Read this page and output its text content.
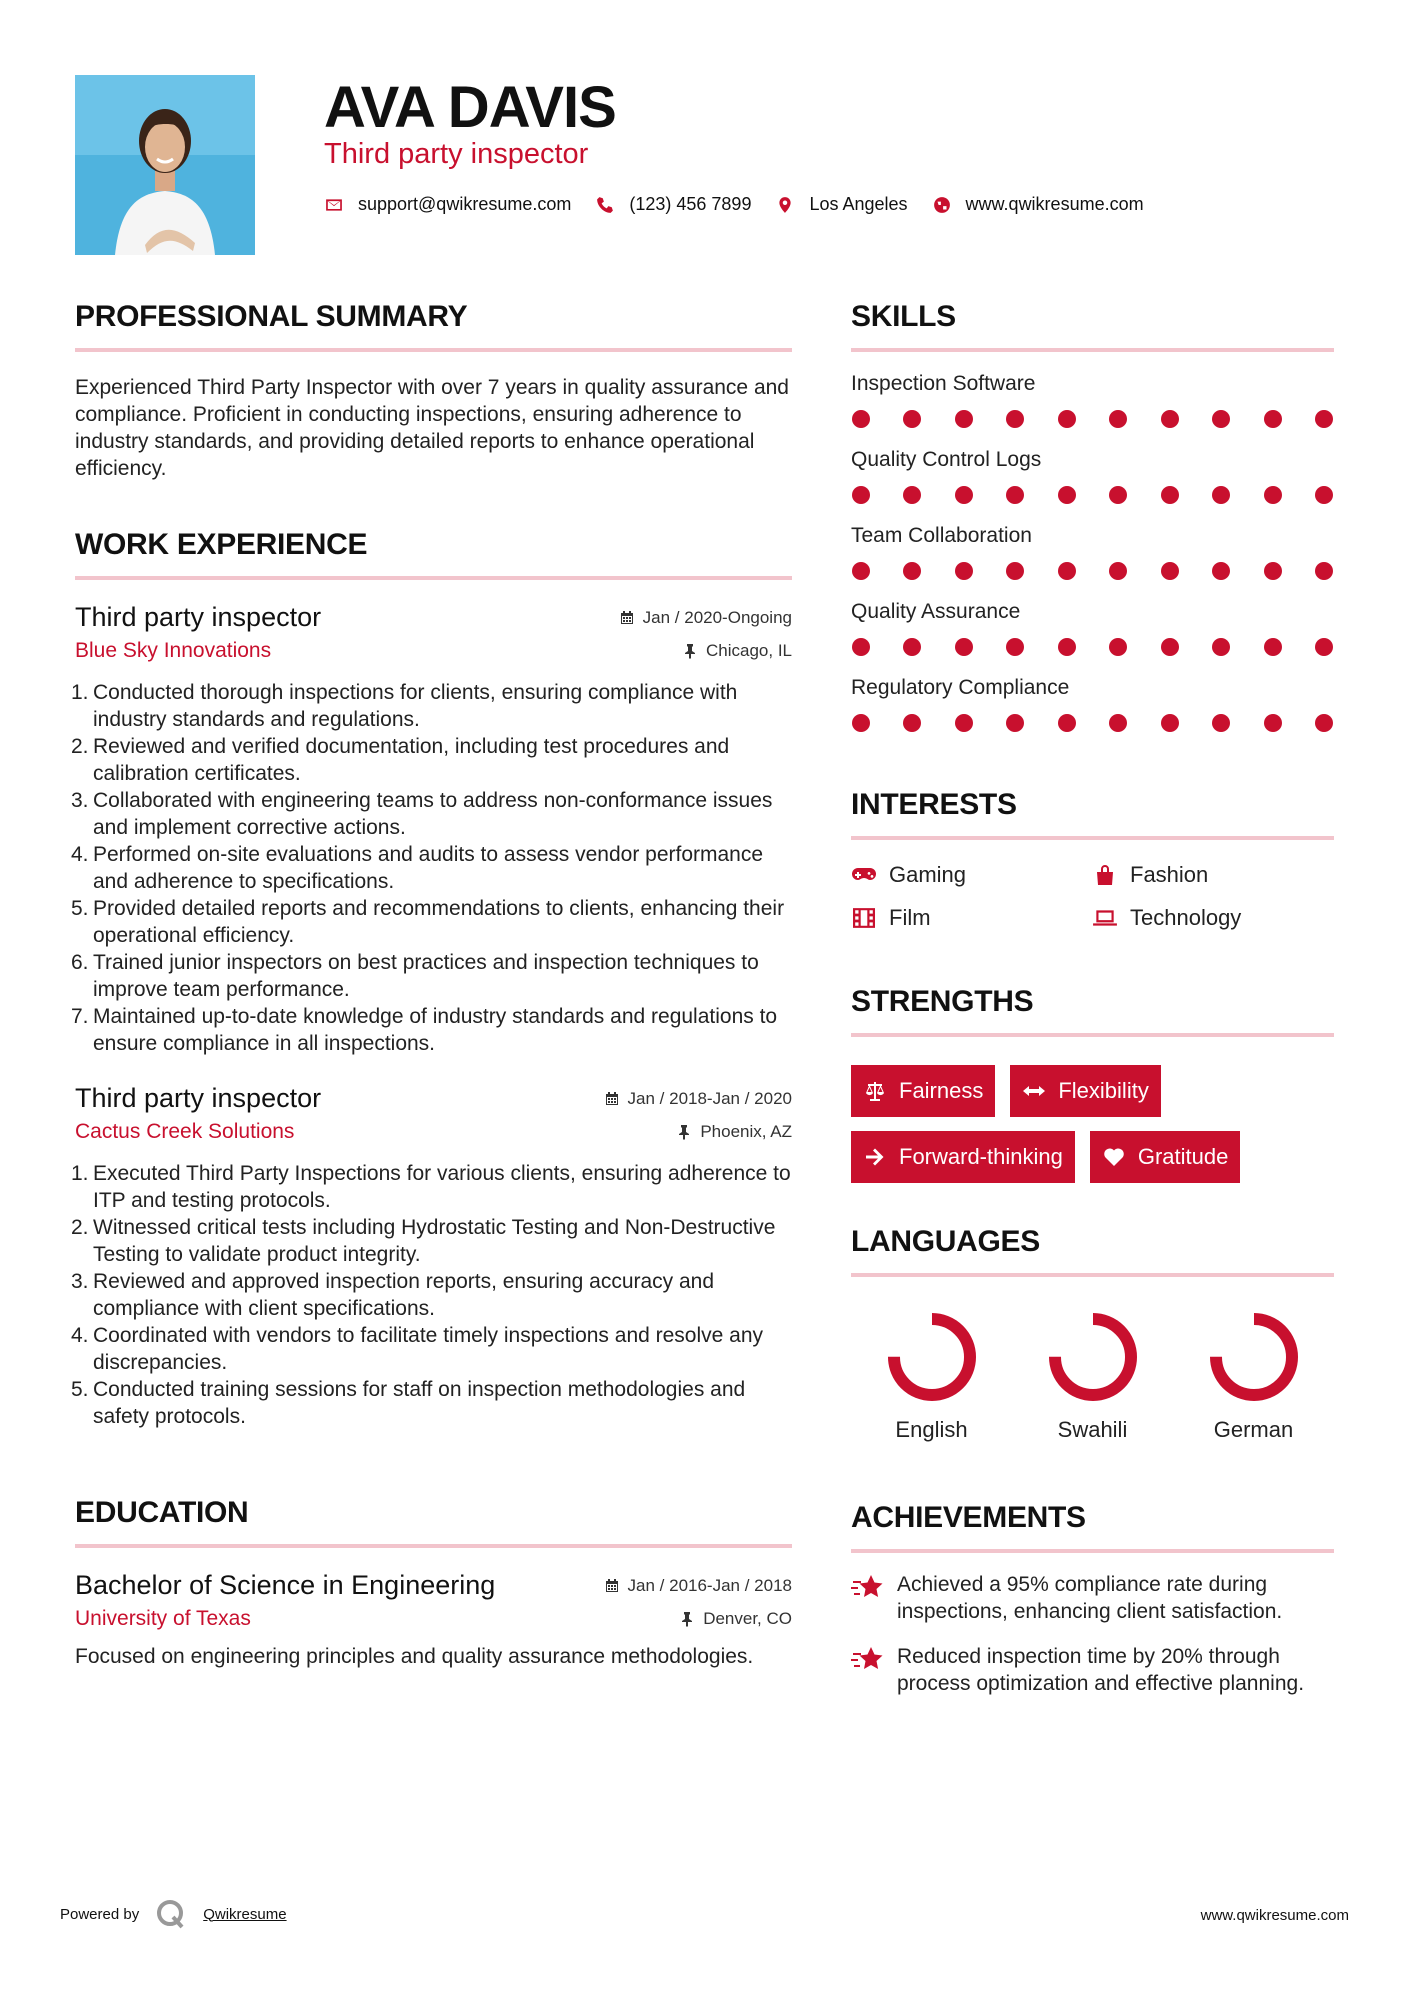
AVA DAVIS
Third party inspector
support@qwikresume.com	(123) 456 7899	Los Angeles	www.qwikresume.com
PROFESSIONAL SUMMARY

Experienced Third Party Inspector with over 7 years in quality assurance and compliance. Proficient in conducting inspections, ensuring adherence to industry standards, and providing detailed reports to enhance operational efficiency.

WORK EXPERIENCE
Third party inspector	Jan / 2020-Ongoing
Blue Sky Innovations	Chicago, IL
1. Conducted thorough inspections for clients, ensuring compliance with industry standards and regulations.
2. Reviewed and verified documentation, including test procedures and calibration certificates.
3. Collaborated with engineering teams to address non-conformance issues and implement corrective actions.
4. Performed on-site evaluations and audits to assess vendor performance and adherence to specifications.
5. Provided detailed reports and recommendations to clients, enhancing their operational efficiency.
6. Trained junior inspectors on best practices and inspection techniques to improve team performance.
7. Maintained up-to-date knowledge of industry standards and regulations to ensure compliance in all inspections.
Third party inspector	Jan / 2018-Jan / 2020
Cactus Creek Solutions	Phoenix, AZ
1. Executed Third Party Inspections for various clients, ensuring adherence to ITP and testing protocols.
2. Witnessed critical tests including Hydrostatic Testing and Non-Destructive Testing to validate product integrity.
3. Reviewed and approved inspection reports, ensuring accuracy and compliance with client specifications.
4. Coordinated with vendors to facilitate timely inspections and resolve any discrepancies.
5. Conducted training sessions for staff on inspection methodologies and safety protocols.
EDUCATION
Bachelor of Science in Engineering	Jan / 2016-Jan / 2018
University of Texas	Denver, CO

Focused on engineering principles and quality assurance methodologies.

SKILLS
Inspection Software
Quality Control Logs
Team Collaboration
Quality Assurance
Regulatory Compliance
INTERESTS
Gaming	Fashion
Film	Technology
STRENGTHS
Fairness	Flexibility
Forward-thinking	Gratitude
LANGUAGES
English	Swahili	German
ACHIEVEMENTS
Achieved a 95% compliance rate during inspections, enhancing client satisfaction.
Reduced inspection time by 20% through process optimization and effective planning.
Powered by	Qwikresume	www.qwikresume.com
